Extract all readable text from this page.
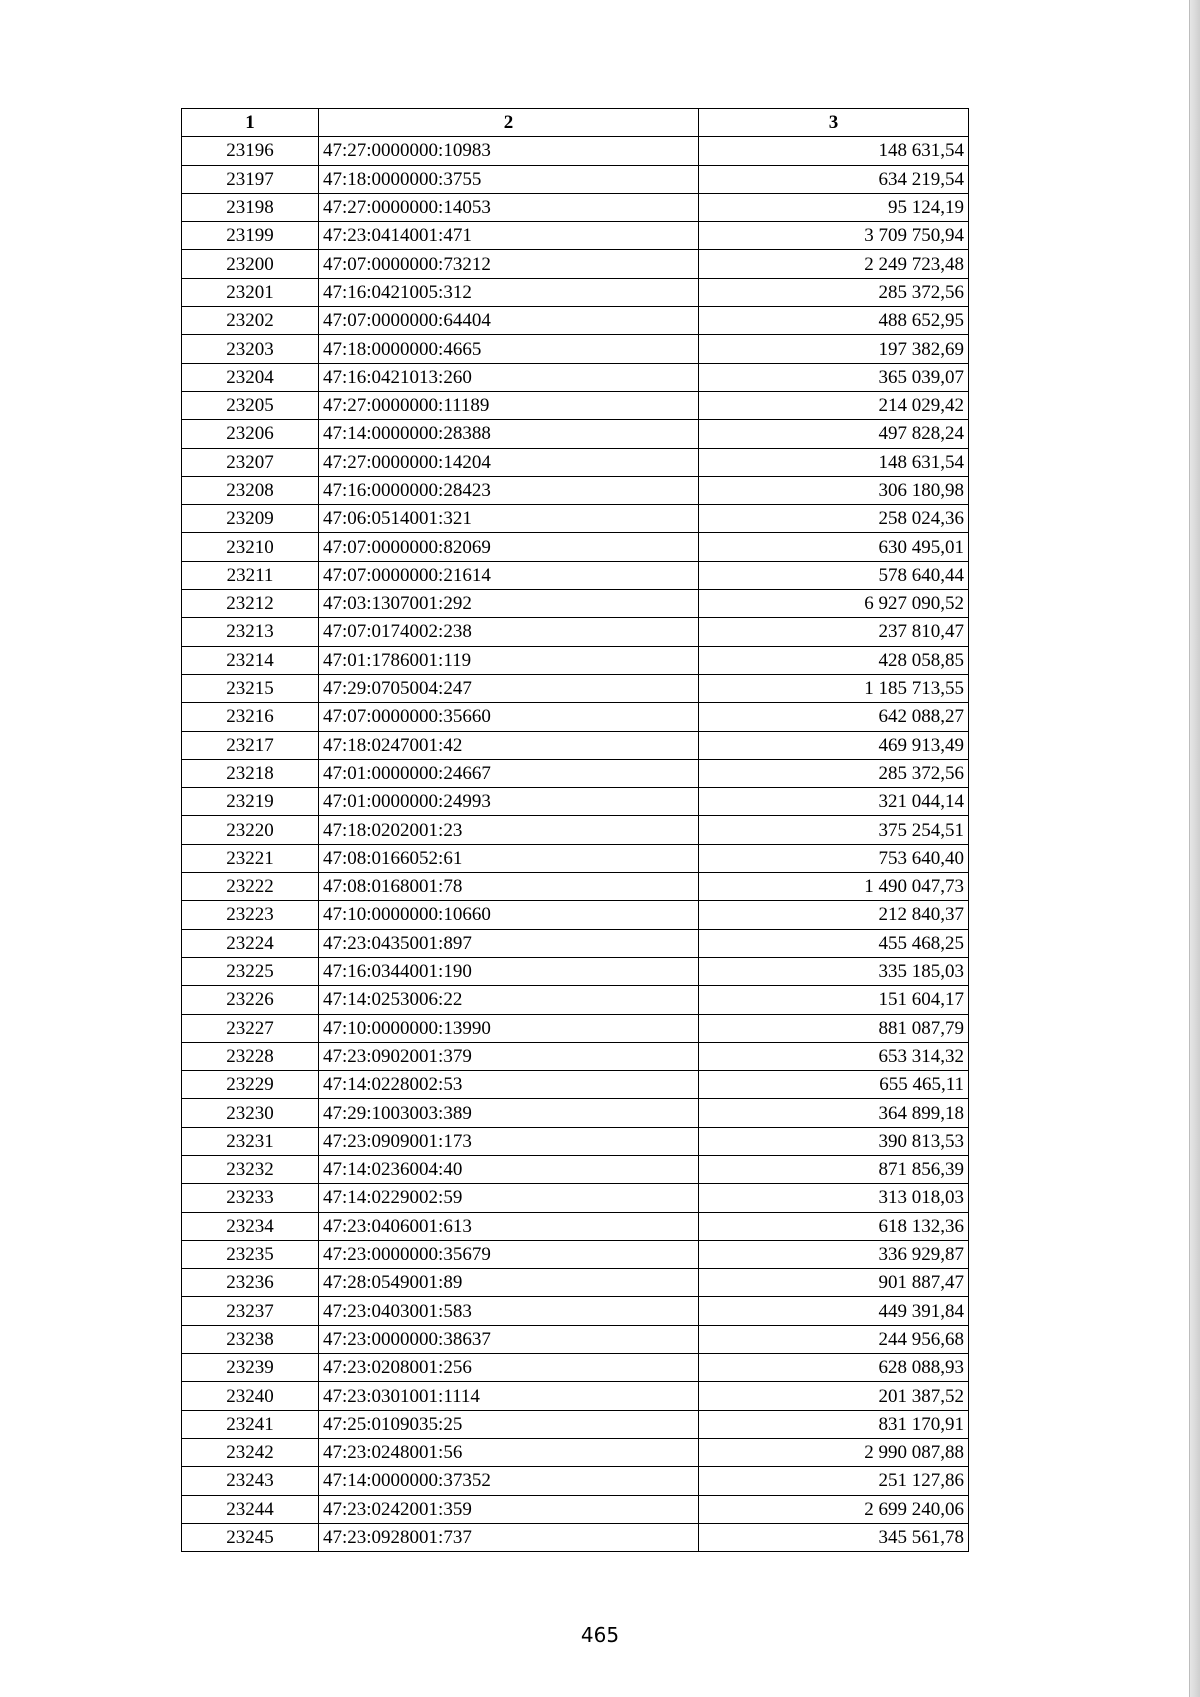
1	2	3
23196	47:27:0000000:10983	148 631,54
23197	47:18:0000000:3755	634 219,54
23198	47:27:0000000:14053	95 124,19
23199	47:23:0414001:471	3 709 750,94
23200	47:07:0000000:73212	2 249 723,48
23201	47:16:0421005:312	285 372,56
23202	47:07:0000000:64404	488 652,95
23203	47:18:0000000:4665	197 382,69
23204	47:16:0421013:260	365 039,07
23205	47:27:0000000:11189	214 029,42
23206	47:14:0000000:28388	497 828,24
23207	47:27:0000000:14204	148 631,54
23208	47:16:0000000:28423	306 180,98
23209	47:06:0514001:321	258 024,36
23210	47:07:0000000:82069	630 495,01
23211	47:07:0000000:21614	578 640,44
23212	47:03:1307001:292	6 927 090,52
23213	47:07:0174002:238	237 810,47
23214	47:01:1786001:119	428 058,85
23215	47:29:0705004:247	1 185 713,55
23216	47:07:0000000:35660	642 088,27
23217	47:18:0247001:42	469 913,49
23218	47:01:0000000:24667	285 372,56
23219	47:01:0000000:24993	321 044,14
23220	47:18:0202001:23	375 254,51
23221	47:08:0166052:61	753 640,40
23222	47:08:0168001:78	1 490 047,73
23223	47:10:0000000:10660	212 840,37
23224	47:23:0435001:897	455 468,25
23225	47:16:0344001:190	335 185,03
23226	47:14:0253006:22	151 604,17
23227	47:10:0000000:13990	881 087,79
23228	47:23:0902001:379	653 314,32
23229	47:14:0228002:53	655 465,11
23230	47:29:1003003:389	364 899,18
23231	47:23:0909001:173	390 813,53
23232	47:14:0236004:40	871 856,39
23233	47:14:0229002:59	313 018,03
23234	47:23:0406001:613	618 132,36
23235	47:23:0000000:35679	336 929,87
23236	47:28:0549001:89	901 887,47
23237	47:23:0403001:583	449 391,84
23238	47:23:0000000:38637	244 956,68
23239	47:23:0208001:256	628 088,93
23240	47:23:0301001:1114	201 387,52
23241	47:25:0109035:25	831 170,91
23242	47:23:0248001:56	2 990 087,88
23243	47:14:0000000:37352	251 127,86
23244	47:23:0242001:359	2 699 240,06
23245	47:23:0928001:737	345 561,78
465
